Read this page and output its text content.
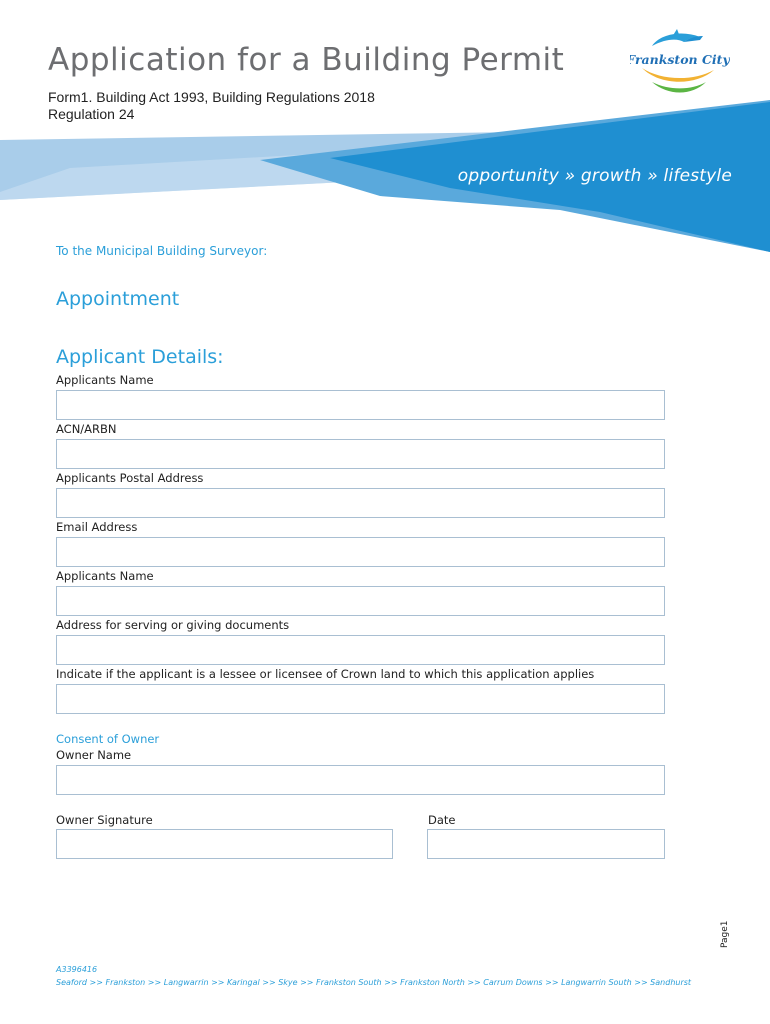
Application for a Building Permit
Form1. Building Act 1993, Building Regulations 2018
Regulation 24
Frankston City
opportunity » growth » lifestyle
To the Municipal Building Surveyor:
Appointment
Applicant Details:
Applicants Name
ACN/ARBN
Applicants Postal Address
Email Address
Applicants Name
Address for serving or giving documents
Indicate if the applicant is a lessee or licensee of Crown land to which this application applies
Consent of Owner
Owner Name
Owner Signature	Date
Page1
A3396416
Seaford >> Frankston >> Langwarrin >> Karingal >> Skye >> Frankston South >> Frankston North >> Carrum Downs >> Langwarrin South >> Sandhurst
